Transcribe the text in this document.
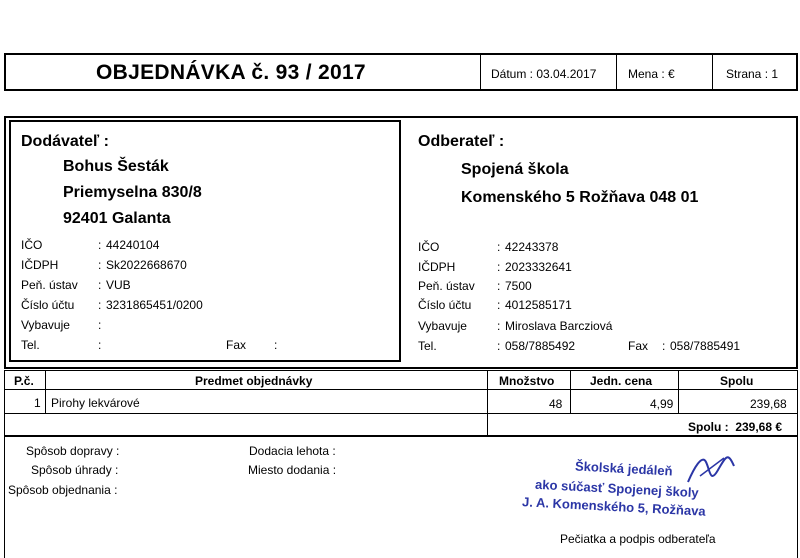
OBJEDNÁVKA č. 93 / 2017	Dátum : 03.04.2017	Mena : €	Strana : 1
Dodávateľ :
Bohus Šesták
Priemyselna 830/8
92401 Galanta
IČO	: 44240104
IČDPH	: Sk2022668670
Peň. ústav : VUB
Číslo účtu : 3231865451/0200
Vybavuje :
Tel.	:	Fax :
Odberateľ :
Spojená škola
Komenského 5 Rožňava 048 01
IČO	: 42243378
IČDPH	: 2023332641
Peň. ústav : 7500
Číslo účtu : 4012585171
Vybavuje	: Miroslava Barcziová
Tel.	: 058/7885492	Fax : 058/7885491
P.č.	Predmet objednávky	Množstvo	Jedn. cena	Spolu
1 Pirohy lekvárové	48	4,99	239,68
Spolu :  239,68 €
Spôsob dopravy :
Spôsob úhrady :
Spôsob objednania :
Dodacia lehota :
Miesto dodania :	Školská jedáleň
ako súčasť Spojenej školy
J. A. Komenského 5, Rožňava
Pečiatka a podpis odberateľa
